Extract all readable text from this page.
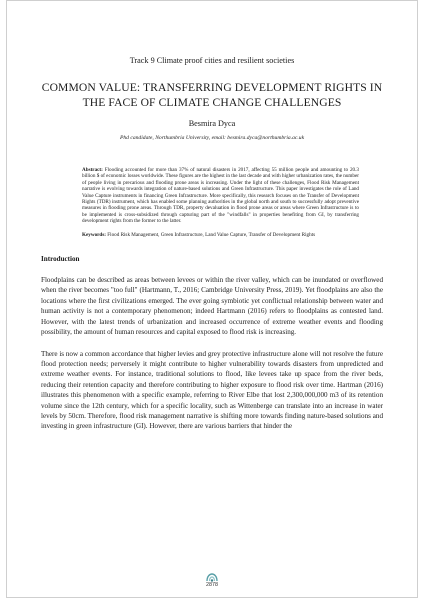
Track 9 Climate proof cities and resilient societies
COMMON VALUE: TRANSFERRING DEVELOPMENT RIGHTS IN THE FACE OF CLIMATE CHANGE CHALLENGES
Besmira Dyca
Phd candidate, Northumbria University, email: besmira.dyca@northumbria.ac.uk
Abstract: Flooding accounted for more than 37% of natural disasters in 2017, affecting 55 million people and amounting to 20.3 billion $ of economic losses worldwide. These figures are the highest in the last decade and with higher urbanization rates, the number of people living in precarious and flooding prone areas is increasing. Under the light of these challenges, Flood Risk Management narrative is evolving towards integration of nature-based solutions and Green Infrastructure. This paper investigates the role of Land Value Capture instruments in financing Green Infrastructure. More specifically, this research focuses on the Transfer of Development Rights (TDR) instrument, which has enabled some planning authorities in the global north and south to successfully adopt preventive measures in flooding prone areas. Through TDR, property devaluation in flood prone areas or areas where Green Infrastructure is to be implemented is cross-subsidized through capturing part of the "windfalls" in properties benefiting from GI, by transferring development rights from the former to the latter.
Keywords: Flood Risk Management, Green Infrastructure, Land Value Capture, Transfer of Development Rights
Introduction
Floodplains can be described as areas between levees or within the river valley, which can be inundated or overflowed when the river becomes "too full" (Hartmann, T., 2016; Cambridge University Press, 2019). Yet floodplains are also the locations where the first civilizations emerged. The ever going symbiotic yet conflictual relationship between water and human activity is not a contemporary phenomenon; indeed Hartmann (2016) refers to floodplains as contested land. However, with the latest trends of urbanization and increased occurrence of extreme weather events and flooding possibility, the amount of human resources and capital exposed to flood risk is increasing.
There is now a common accordance that higher levies and grey protective infrastructure alone will not resolve the future flood protection needs; perversely it might contribute to higher vulnerability towards disasters from unpredicted and extreme weather events. For instance, traditional solutions to flood, like levees take up space from the river beds, reducing their retention capacity and therefore contributing to higher exposure to flood risk over time. Hartman (2016) illustrates this phenomenon with a specific example, referring to River Elbe that lost 2,300,000,000 m3 of its retention volume since the 12th century, which for a specific locality, such as Wittenberge can translate into an increase in water levels by 50cm. Therefore, flood risk management narrative is shifting more towards finding nature-based solutions and investing in green infrastructure (GI). However, there are various barriers that hinder the
2878
